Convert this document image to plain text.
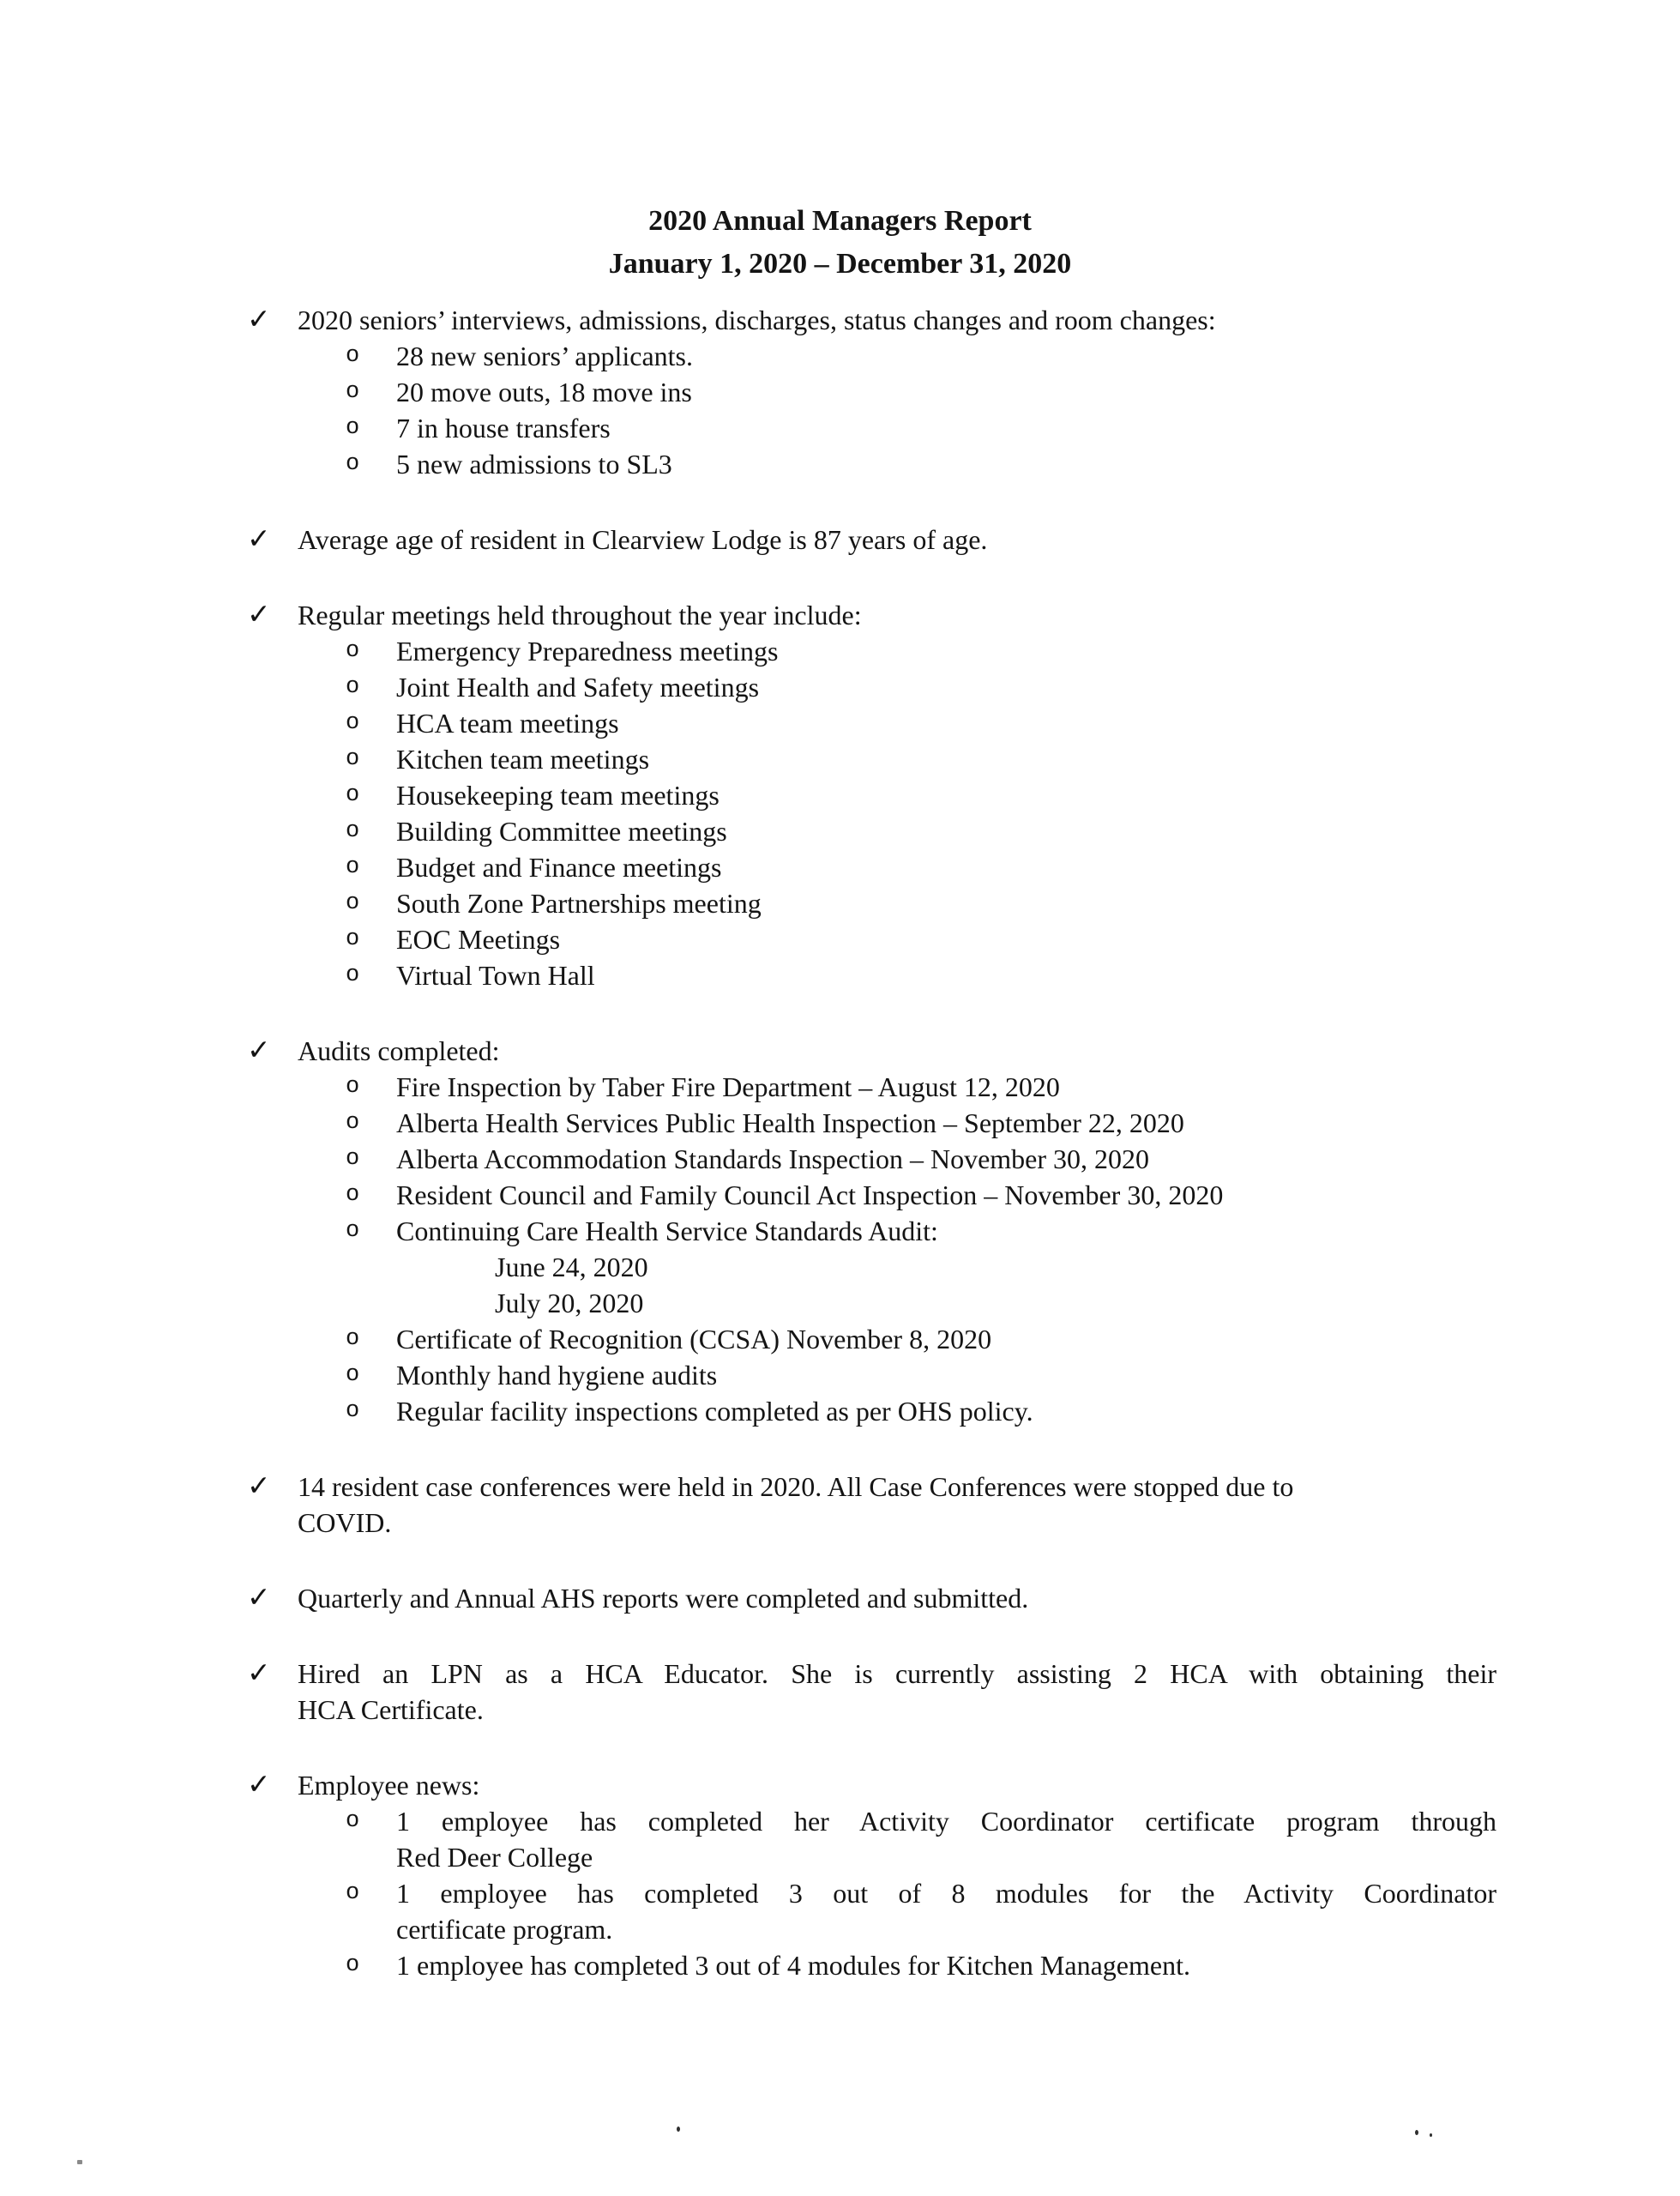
2020 Annual Managers Report
January 1, 2020 – December 31, 2020
✓ 2020 seniors’ interviews, admissions, discharges, status changes and room changes:
o	28 new seniors’ applicants.
o	20 move outs, 18 move ins
o	7 in house transfers
o	5 new admissions to SL3
✓ Average age of resident in Clearview Lodge is 87 years of age.
✓ Regular meetings held throughout the year include:
o	Emergency Preparedness meetings
o	Joint Health and Safety meetings
o	HCA team meetings
o	Kitchen team meetings
o	Housekeeping team meetings
o	Building Committee meetings
o	Budget and Finance meetings
o	South Zone Partnerships meeting
o	EOC Meetings
o	Virtual Town Hall
✓ Audits completed:
o	Fire Inspection by Taber Fire Department – August 12, 2020
o	Alberta Health Services Public Health Inspection – September 22, 2020
o	Alberta Accommodation Standards Inspection – November 30, 2020
o	Resident Council and Family Council Act Inspection – November 30, 2020
o	Continuing Care Health Service Standards Audit:
June 24, 2020
July 20, 2020
o	Certificate of Recognition (CCSA) November 8, 2020
o	Monthly hand hygiene audits
o	Regular facility inspections completed as per OHS policy.
✓ 14 resident case conferences were held in 2020. All Case Conferences were stopped due to
COVID.
✓ Quarterly and Annual AHS reports were completed and submitted.
✓ Hired an LPN as a HCA Educator. She is currently assisting 2 HCA with obtaining their
HCA Certificate.
✓ Employee news:
o	1 employee has completed her Activity Coordinator certificate program through
Red Deer College
o	1 employee has completed 3 out of 8 modules for the Activity Coordinator
certificate program.
o	1 employee has completed 3 out of 4 modules for Kitchen Management.
